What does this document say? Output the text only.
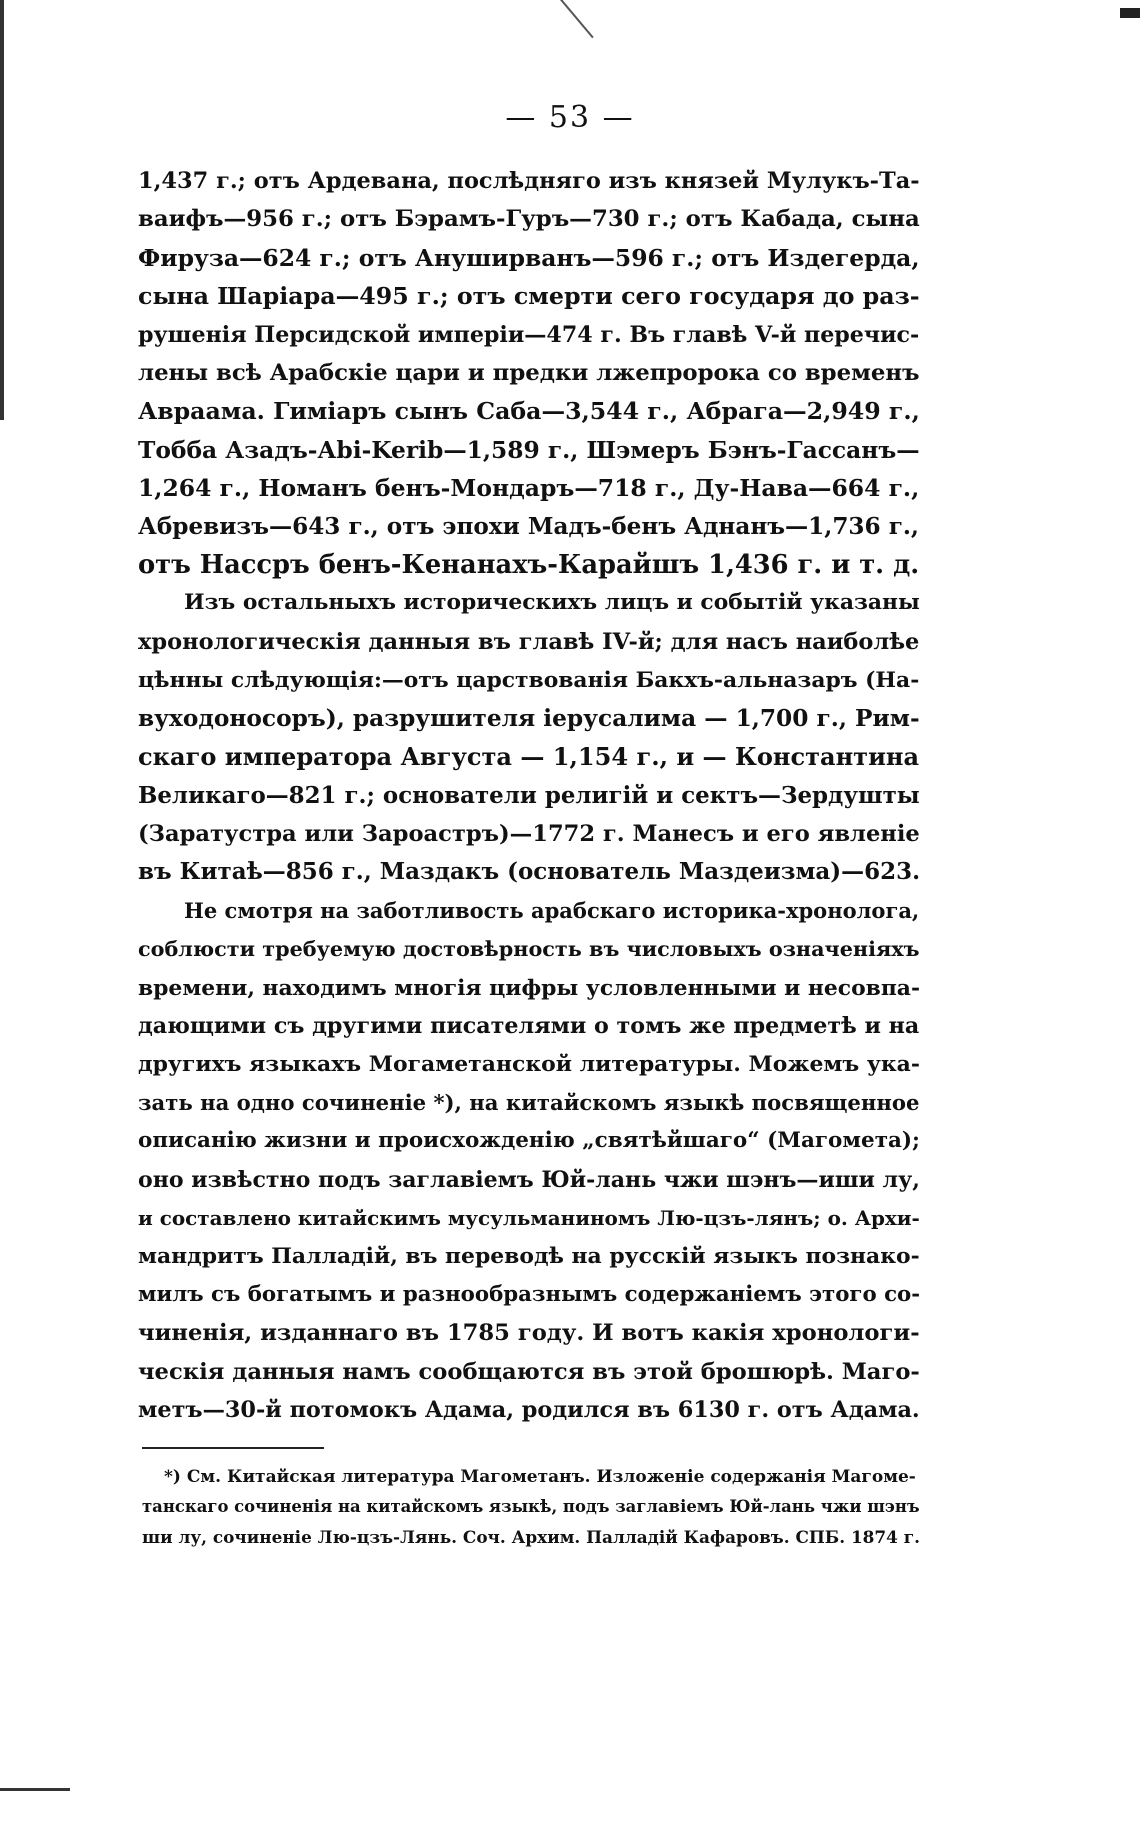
— 53 —
1,437 г.; отъ Ардевана, послѣдняго изъ князей Мулукъ-Та-
ваифъ—956 г.; отъ Бэрамъ-Гуръ—730 г.; отъ Кабада, сына
Фируза—624 г.; отъ Ануширванъ—596 г.; отъ Издегерда,
сына Шаріара—495 г.; отъ смерти сего государя до раз-
рушенія Персидской имперіи—474 г. Въ главѣ V-й перечис-
лены всѣ Арабскіе цари и предки лжепророка со временъ
Авраама. Гиміаръ сынъ Саба—3,544 г., Абрага—2,949 г.,
Тобба Азадъ-Аbi-Kerib—1,589 г., Шэмеръ Бэнъ-Гассанъ—
1,264 г., Номанъ бенъ-Мондаръ—718 г., Ду-Нава—664 г.,
Абревизъ—643 г., отъ эпохи Мадъ-бенъ Аднанъ—1,736 г.,
отъ Нассръ бенъ-Кенанахъ-Карайшъ 1,436 г. и т. д.
Изъ остальныхъ историческихъ лицъ и событій указаны
хронологическія данныя въ главѣ IV-й; для насъ наиболѣе
цѣнны слѣдующія:—отъ царствованія Бакхъ-альназаръ (На-
вуходоносоръ), разрушителя іерусалима — 1,700 г., Рим-
скаго императора Августа — 1,154 г., и — Константина
Великаго—821 г.; основатели религій и сектъ—Зердушты
(Заратустра или Зароастръ)—1772 г. Манесъ и его явленіе
въ Китаѣ—856 г., Маздакъ (основатель Маздеизма)—623.
Не смотря на заботливость арабскаго историка-хронолога,
соблюсти требуемую достовѣрность въ числовыхъ означеніяхъ
времени, находимъ многія цифры условленными и несовпа-
дающими съ другими писателями о томъ же предметѣ и на
другихъ языкахъ Могаметанской литературы. Можемъ ука-
зать на одно сочиненіе *), на китайскомъ языкѣ посвященное
описанію жизни и происхожденію „святѣйшаго“ (Магомета);
оно извѣстно подъ заглавіемъ Юй-лань чжи шэнъ—иши лу,
и составлено китайскимъ мусульманиномъ Лю-цзъ-лянъ; о. Архи-
мандритъ Палладій, въ переводѣ на русскій языкъ познако-
милъ съ богатымъ и разнообразнымъ содержаніемъ этого со-
чиненія, изданнаго въ 1785 году. И вотъ какія хронологи-
ческія данныя намъ сообщаются въ этой брошюрѣ. Маго-
метъ—30-й потомокъ Адама, родился въ 6130 г. отъ Адама.
*) См. Китайская литература Магометанъ. Изложеніе содержанія Магоме-
танскаго сочиненія на китайскомъ языкѣ, подъ заглавіемъ Юй-лань чжи шэнъ
ши лу, сочиненіе Лю-цзъ-Лянь. Соч. Архим. Палладій Кафаровъ. СПБ. 1874 г.
